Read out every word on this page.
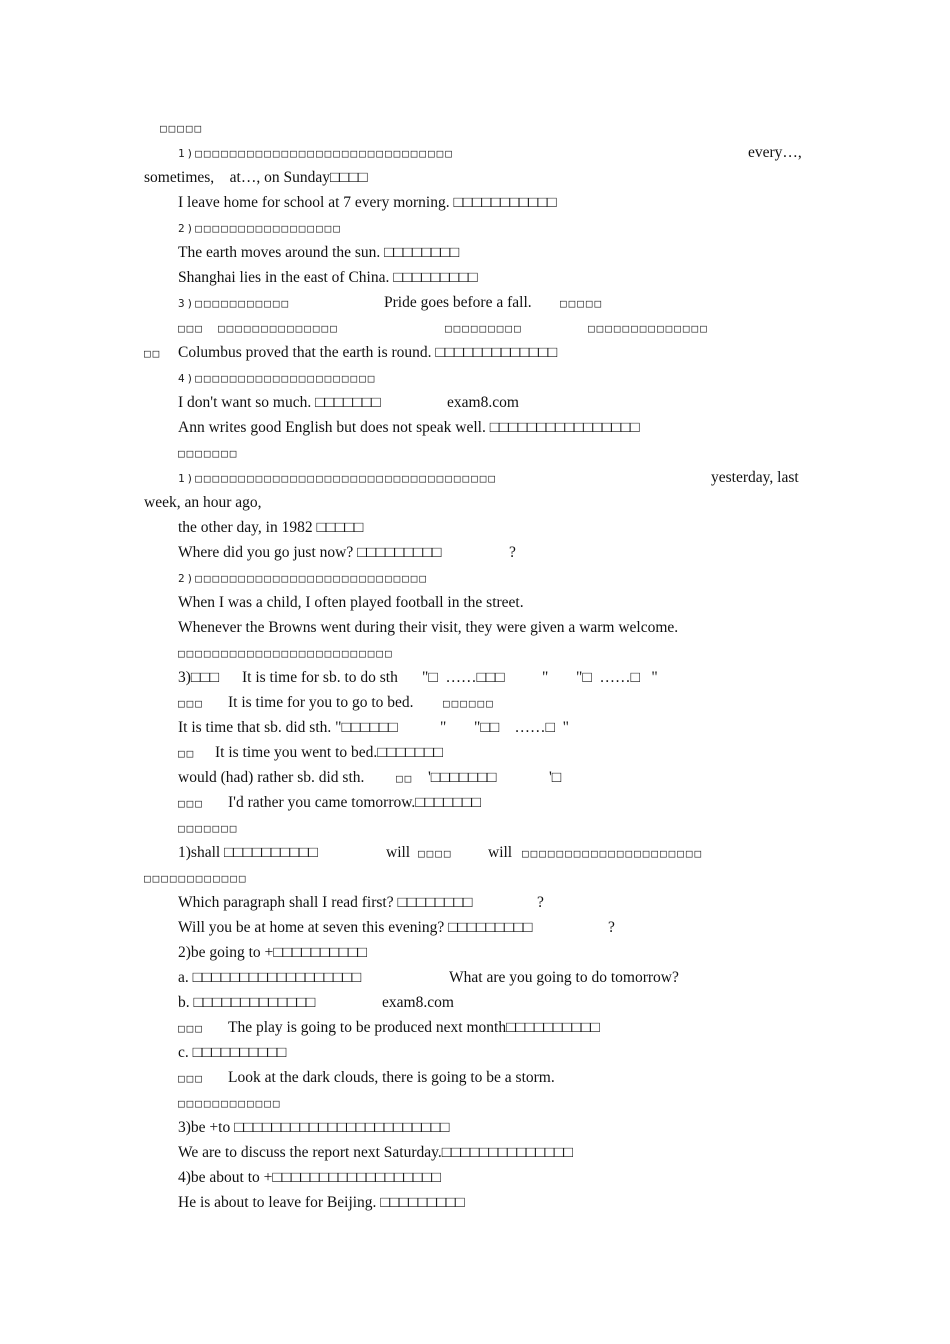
□□□□□
1)□□□□□□□□□□□□□□□□□□□□□□□□□□□□□□	every…,
sometimes,    at…, on Sunday□□□□
I leave home for school at 7 every morning. □□□□□□□□□□□
2)□□□□□□□□□□□□□□□□□
The earth moves around the sun. □□□□□□□□
Shanghai lies in the east of China. □□□□□□□□□
3)□□□□□□□□□□□	Pride goes before a fall.	□□□□□
□□□ □□□□□□□□□□□□□□	□□□□□□□□□	□□□□□□□□□□□□□□
□□ Columbus proved that the earth is round. □□□□□□□□□□□□□
4)□□□□□□□□□□□□□□□□□□□□□
I don't want so much. □□□□□□□	exam8.com
Ann writes good English but does not speak well. □□□□□□□□□□□□□□□□
□□□□□□□
1)□□□□□□□□□□□□□□□□□□□□□□□□□□□□□□□□□□□	yesterday, last
week, an hour ago,
the other day, in 1982 □□□□□
Where did you go just now? □□□□□□□□□	?
2)□□□□□□□□□□□□□□□□□□□□□□□□□□□
When I was a child, I often played football in the street.
Whenever the Browns went during their visit, they were given a warm welcome.
□□□□□□□□□□□□□□□□□□□□□□□□□
3)□□□ It is time for sb. to do sth "□  ……□□□ " "□  ……□   "
□□□ It is time for you to go to bed.	□□□□□□
It is time that sb. did sth. "□□□□□□	" "□□    ……□  "
□□ It is time you went to bed.□□□□□□□
would (had) rather sb. did sth.	□□ '□□□□□□□	'□
□□□ I'd rather you came tomorrow.□□□□□□□
□□□□□□□
1)shall □□□□□□□□□□	will □□□□ will □□□□□□□□□□□□□□□□□□□□□
□□□□□□□□□□□□
Which paragraph shall I read first? □□□□□□□□	?
Will you be at home at seven this evening? □□□□□□□□□	?
2)be going to +□□□□□□□□□□
a. □□□□□□□□□□□□□□□□□□	What are you going to do tomorrow?
b. □□□□□□□□□□□□□	exam8.com
□□□ The play is going to be produced next month□□□□□□□□□□
c. □□□□□□□□□□
□□□ Look at the dark clouds, there is going to be a storm.
□□□□□□□□□□□□
3)be +to □□□□□□□□□□□□□□□□□□□□□□□
We are to discuss the report next Saturday.□□□□□□□□□□□□□□
4)be about to +□□□□□□□□□□□□□□□□□□
He is about to leave for Beijing. □□□□□□□□□
